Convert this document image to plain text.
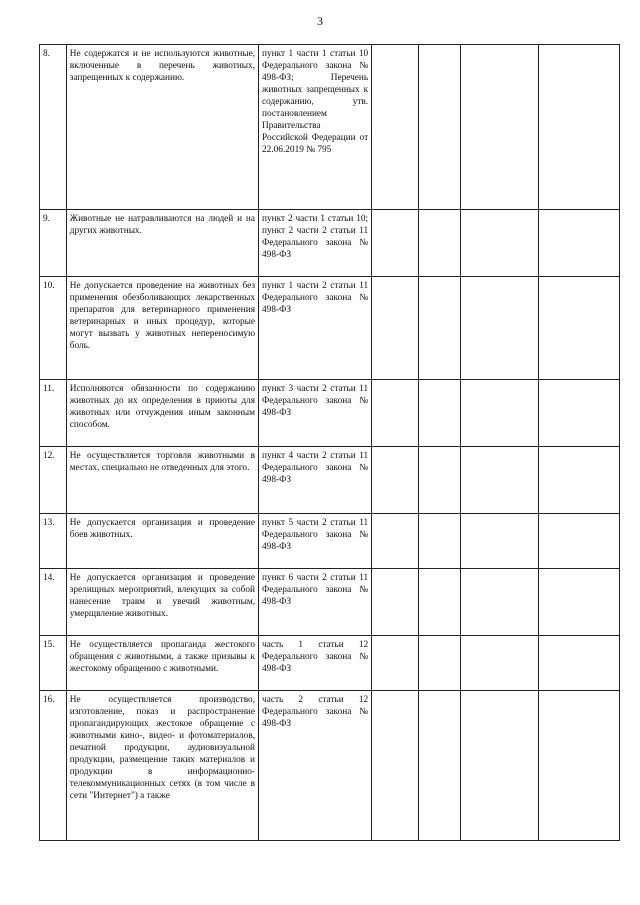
3
8.	Не содержатся и не используются животные, включенные в перечень животных, запрещенных к содержанию.	пункт 1 части 1 статьи 10 Федерального закона № 498-ФЗ; Перечень животных запрещенных к содержанию, утв. постановлением Правительства Российской Федерации от 22.06.2019 № 795				
9.	Животные не натравливаются на людей и на других животных.	пункт 2 части 1 статьи 10; пункт 2 части 2 статьи 11 Федерального закона № 498-ФЗ				
10.	Не допускается проведение на животных без применения обезболивающих лекарственных препаратов для ветеринарного применения ветеринарных и иных процедур, которые могут вызвать у животных непереносимую боль.	пункт 1 части 2 статьи 11 Федерального закона № 498-ФЗ				
11.	Исполняются обязанности по содержанию животных до их определения в приюты для животных или отчуждения иным законным способом.	пункт 3 части 2 статьи 11 Федерального закона № 498-ФЗ				
12.	Не осуществляется торговля животными в местах, специально не отведенных для этого.	пункт 4 части 2 статьи 11 Федерального закона № 498-ФЗ				
13.	Не допускается организация и проведение боев животных.	пункт 5 части 2 статьи 11 Федерального закона № 498-ФЗ				
14.	Не допускается организация и проведение зрелищных мероприятий, влекущих за собой нанесение травм и увечий животным, умерщвление животных.	пункт 6 части 2 статьи 11 Федерального закона № 498-ФЗ				
15.	Не осуществляется пропаганда жестокого обращения с животными, а также призывы к жестокому обращению с животными.	часть 1 статьи 12 Федерального закона № 498-ФЗ				
16.	Не осуществляется производство, изготовление, показ и распространение пропагандирующих жестокое обращение с животными кино-, видео- и фотоматериалов, печатной продукции, аудиовизуальной продукции, размещение таких материалов и продукции в информационно-телекоммуникационных сетях (в том числе в сети "Интернет") а также	часть 2 статьи 12 Федерального закона № 498-ФЗ				
